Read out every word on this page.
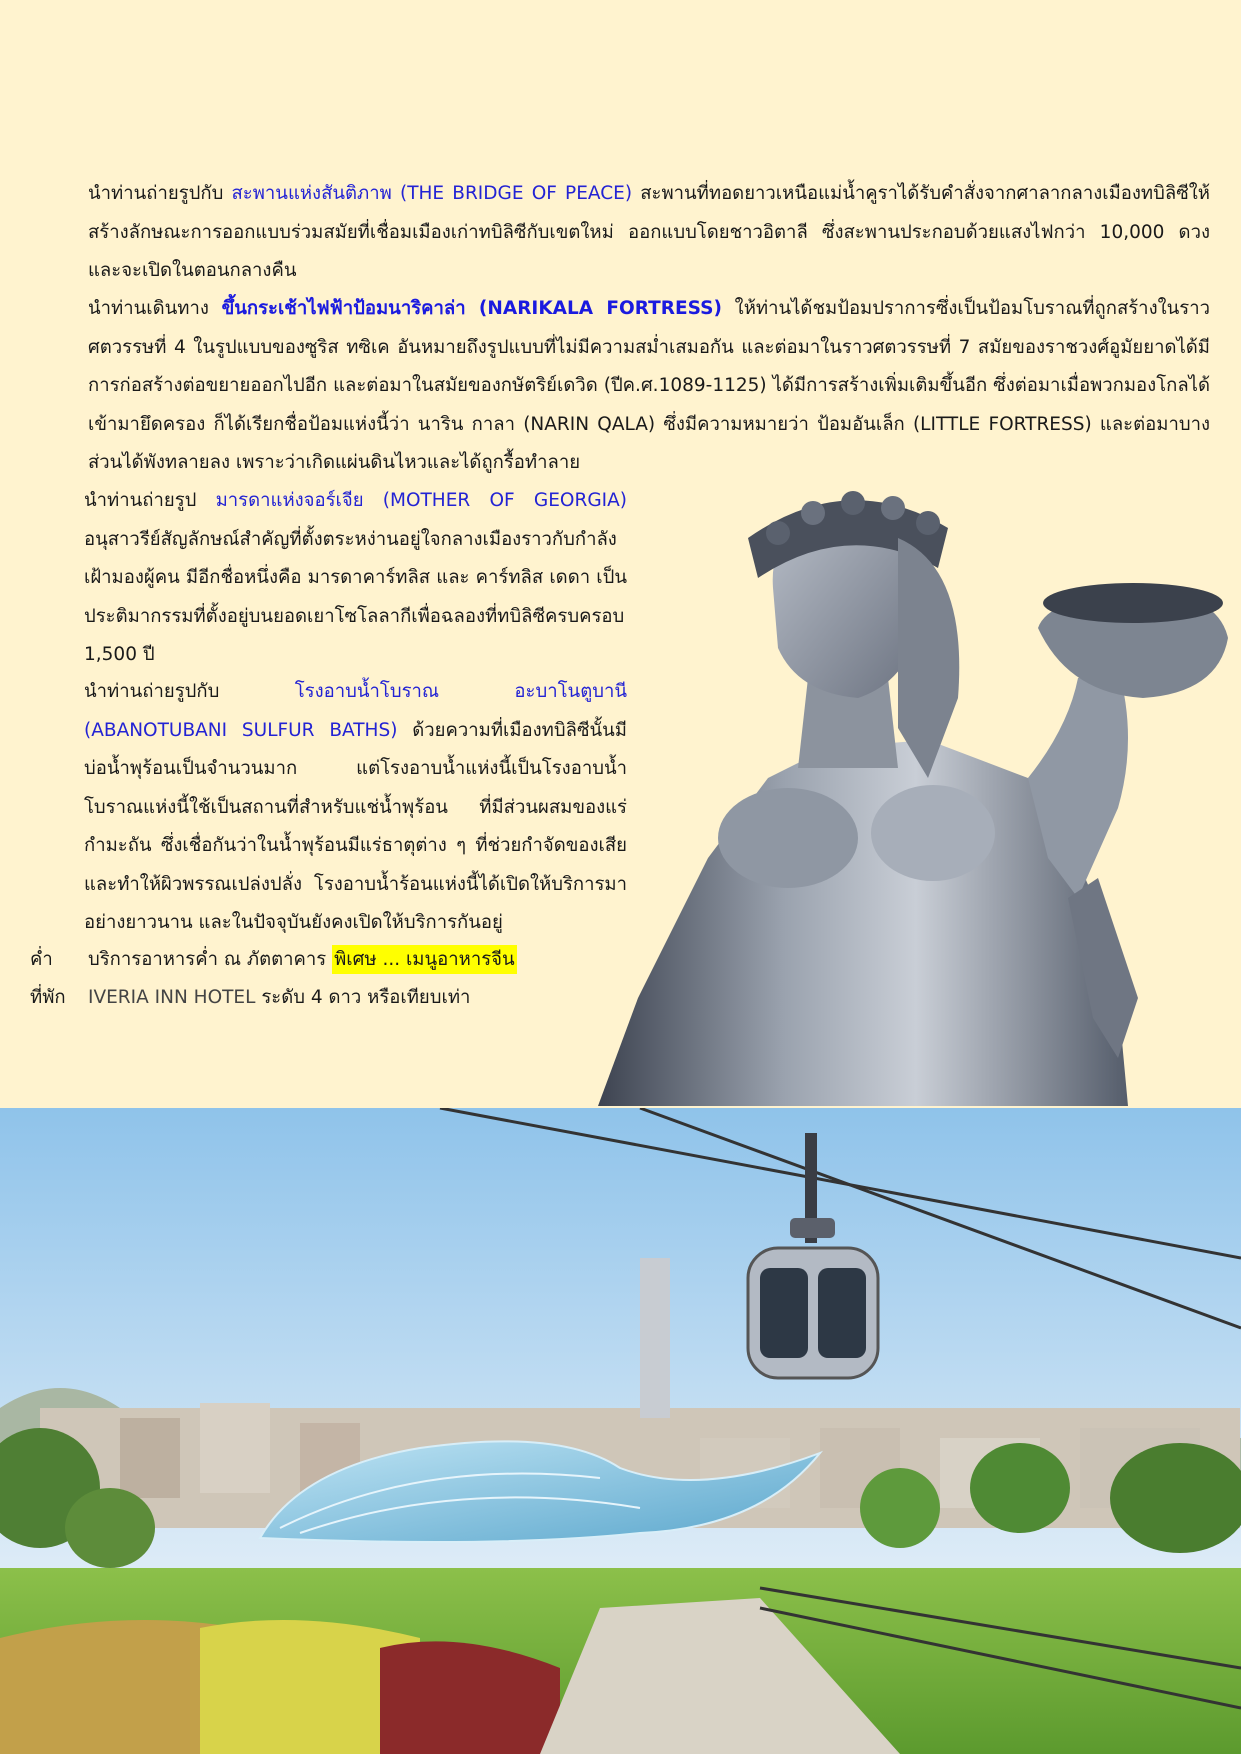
นำท่านถ่ายรูปกับ สะพานแห่งสันติภาพ (THE BRIDGE OF PEACE) สะพานที่ทอดยาวเหนือแม่น้ำคูราได้รับคำสั่งจากศาลากลางเมืองทบิลิซีให้สร้างลักษณะการออกแบบร่วมสมัยที่เชื่อมเมืองเก่าทบิลิซีกับเขตใหม่ ออกแบบโดยชาวอิตาลี ซึ่งสะพานประกอบด้วยแสงไฟกว่า 10,000 ดวงและจะเปิดในตอนกลางคืน

นำท่านเดินทาง ขึ้นกระเช้าไฟฟ้าป้อมนาริคาล่า (NARIKALA FORTRESS) ให้ท่านได้ชมป้อมปราการซึ่งเป็นป้อมโบราณที่ถูกสร้างในราวศตวรรษที่ 4 ในรูปแบบของซูริส ทซิเค อันหมายถึงรูปแบบที่ไม่มีความสม่ำเสมอกัน และต่อมาในราวศตวรรษที่ 7 สมัยของราชวงศ์อูมัยยาดได้มีการก่อสร้างต่อขยายออกไปอีก และต่อมาในสมัยของกษัตริย์เดวิด (ปีค.ศ.1089-1125) ได้มีการสร้างเพิ่มเติมขึ้นอีก ซึ่งต่อมาเมื่อพวกมองโกลได้เข้ามายึดครอง ก็ได้เรียกชื่อป้อมแห่งนี้ว่า นาริน กาลา (NARIN QALA) ซึ่งมีความหมายว่า ป้อมอันเล็ก (LITTLE FORTRESS) และต่อมาบางส่วนได้พังทลายลง เพราะว่าเกิดแผ่นดินไหวและได้ถูกรื้อทำลาย

นำท่านถ่ายรูป มารดาแห่งจอร์เจีย (MOTHER OF GEORGIA) อนุสาวรีย์สัญลักษณ์สำคัญที่ตั้งตระหง่านอยู่ใจกลางเมืองราวกับกำลังเฝ้ามองผู้คน มีอีกชื่อหนึ่งคือ มารดาคาร์ทลิส และ คาร์ทลิส เดดา เป็นประติมากรรมที่ตั้งอยู่บนยอดเยาโซโลลากีเพื่อฉลองที่ทบิลิซีครบครอบ 1,500 ปี

นำท่านถ่ายรูปกับ โรงอาบน้ำโบราณ อะบาโนตูบานี (ABANOTUBANI SULFUR BATHS) ด้วยความที่เมืองทบิลิซีนั้นมีบ่อน้ำพุร้อนเป็นจำนวนมาก แต่โรงอาบน้ำแห่งนี้เป็นโรงอาบน้ำโบราณแห่งนี้ใช้เป็นสถานที่สำหรับแช่น้ำพุร้อน ที่มีส่วนผสมของแร่กำมะถัน ซึ่งเชื่อกันว่าในน้ำพุร้อนมีแร่ธาตุต่าง ๆ ที่ช่วยกำจัดของเสียและทำให้ผิวพรรณเปล่งปลั่ง โรงอาบน้ำร้อนแห่งนี้ได้เปิดให้บริการมาอย่างยาวนาน และในปัจจุบันยังคงเปิดให้บริการกันอยู่

ค่ำ บริการอาหารค่ำ ณ ภัตตาคาร พิเศษ ... เมนูอาหารจีน
ที่พัก IVERIA INN HOTEL ระดับ 4 ดาว หรือเทียบเท่า
